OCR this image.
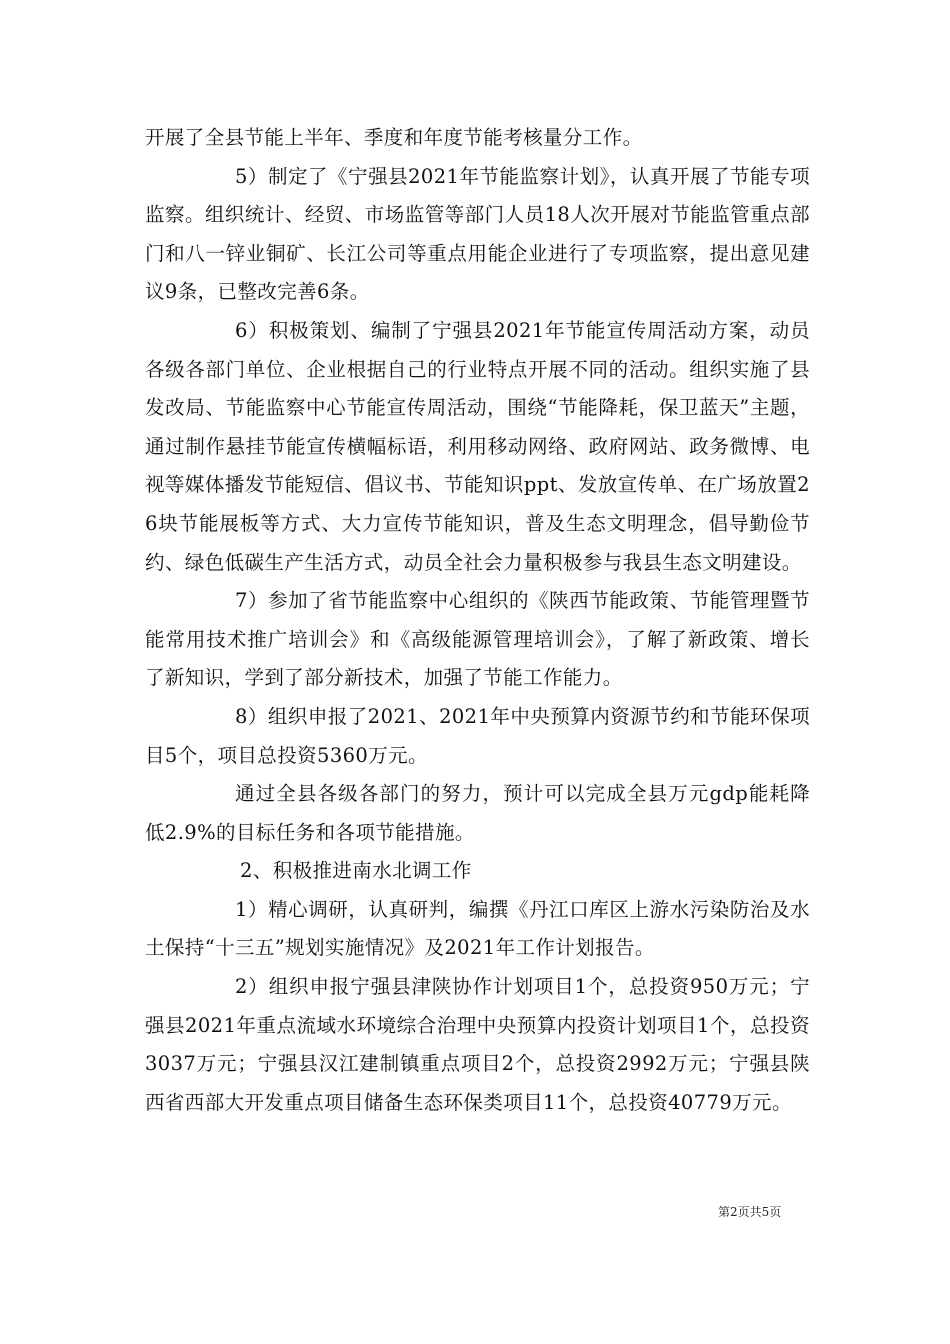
开展了全县节能上半年、季度和年度节能考核量分工作。

5）制定了《宁强县2021年节能监察计划》，认真开展了节能专项监察。组织统计、经贸、市场监管等部门人员18人次开展对节能监管重点部门和八一锌业铜矿、长江公司等重点用能企业进行了专项监察，提出意见建议9条，已整改完善6条。

6）积极策划、编制了宁强县2021年节能宣传周活动方案，动员各级各部门单位、企业根据自己的行业特点开展不同的活动。组织实施了县发改局、节能监察中心节能宣传周活动，围绕“节能降耗，保卫蓝天”主题，通过制作悬挂节能宣传横幅标语，利用移动网络、政府网站、政务微博、电视等媒体播发节能短信、倡议书、节能知识ppt、发放宣传单、在广场放置26块节能展板等方式、大力宣传节能知识，普及生态文明理念，倡导勤俭节约、绿色低碳生产生活方式，动员全社会力量积极参与我县生态文明建设。

7）参加了省节能监察中心组织的《陕西节能政策、节能管理暨节能常用技术推广培训会》和《高级能源管理培训会》，了解了新政策、增长了新知识，学到了部分新技术，加强了节能工作能力。

8）组织申报了2021、2021年中央预算内资源节约和节能环保项目5个，项目总投资5360万元。

通过全县各级各部门的努力，预计可以完成全县万元gdp能耗降低2.9%的目标任务和各项节能措施。

2、积极推进南水北调工作

1）精心调研，认真研判，编撰《丹江口库区上游水污染防治及水土保持“十三五”规划实施情况》及2021年工作计划报告。

2）组织申报宁强县津陕协作计划项目1个，总投资950万元；宁强县2021年重点流域水环境综合治理中央预算内投资计划项目1个，总投资3037万元；宁强县汉江建制镇重点项目2个，总投资2992万元；宁强县陕西省西部大开发重点项目储备生态环保类项目11个，总投资40779万元。

第2页共5页
